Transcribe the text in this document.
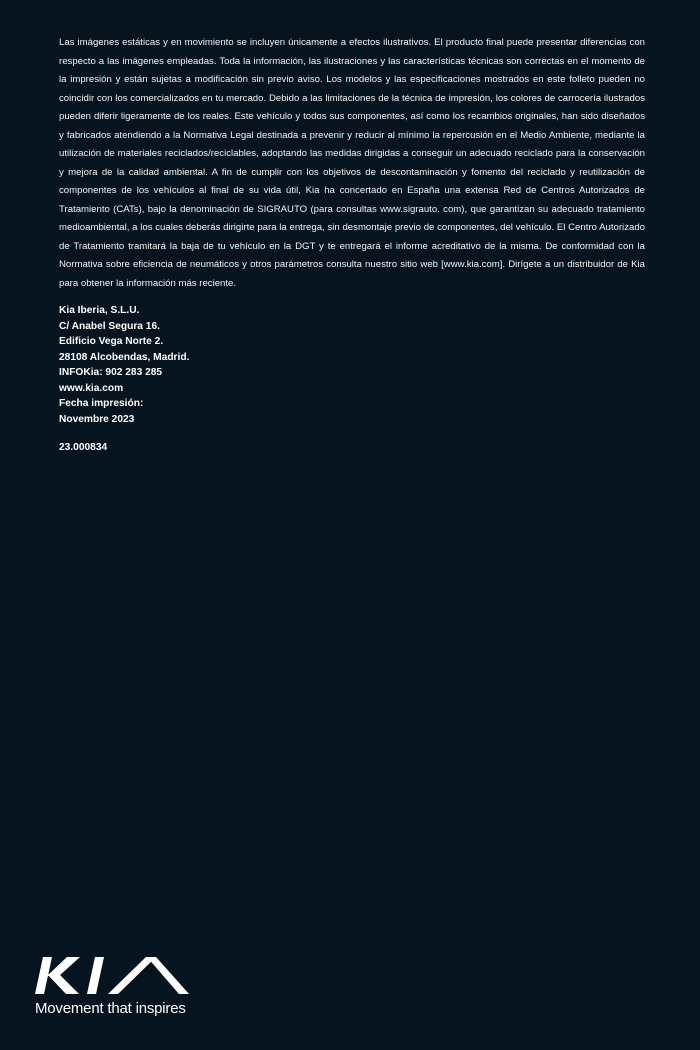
Las imágenes estáticas y en movimiento se incluyen únicamente a efectos ilustrativos. El producto final puede presentar diferencias con respecto a las imágenes empleadas. Toda la información, las ilustraciones y las características técnicas son correctas en el momento de la impresión y están sujetas a modificación sin previo aviso. Los modelos y las especificaciones mostrados en este folleto pueden no coincidir con los comercializados en tu mercado. Debido a las limitaciones de la técnica de impresión, los colores de carrocería ilustrados pueden diferir ligeramente de los reales. Este vehículo y todos sus componentes, así como los recambios originales, han sido diseñados y fabricados atendiendo a la Normativa Legal destinada a prevenir y reducir al mínimo la repercusión en el Medio Ambiente, mediante la utilización de materiales reciclados/reciclables, adoptando las medidas dirigidas a conseguir un adecuado reciclado para la conservación y mejora de la calidad ambiental. A fin de cumplir con los objetivos de descontaminación y fomento del reciclado y reutilización de componentes de los vehículos al final de su vida útil, Kia ha concertado en España una extensa Red de Centros Autorizados de Tratamiento (CATs), bajo la denominación de SIGRAUTO (para consultas www.sigrauto. com), que garantizan su adecuado tratamiento medioambiental, a los cuales deberás dirigirte para la entrega, sin desmontaje previo de componentes, del vehículo. El Centro Autorizado de Tratamiento tramitará la baja de tu vehículo en la DGT y te entregará el informe acreditativo de la misma. De conformidad con la Normativa sobre eficiencia de neumáticos y otros parámetros consulta nuestro sitio web [www.kia.com]. Dirígete a un distribuidor de Kia para obtener la información más reciente.

Kia Iberia, S.L.U.
C/ Anabel Segura 16.
Edificio Vega Norte 2.
28108 Alcobendas, Madrid.
INFOKia: 902 283 285
www.kia.com
Fecha impresión:
Novembre 2023
23.000834
Movement that inspires
